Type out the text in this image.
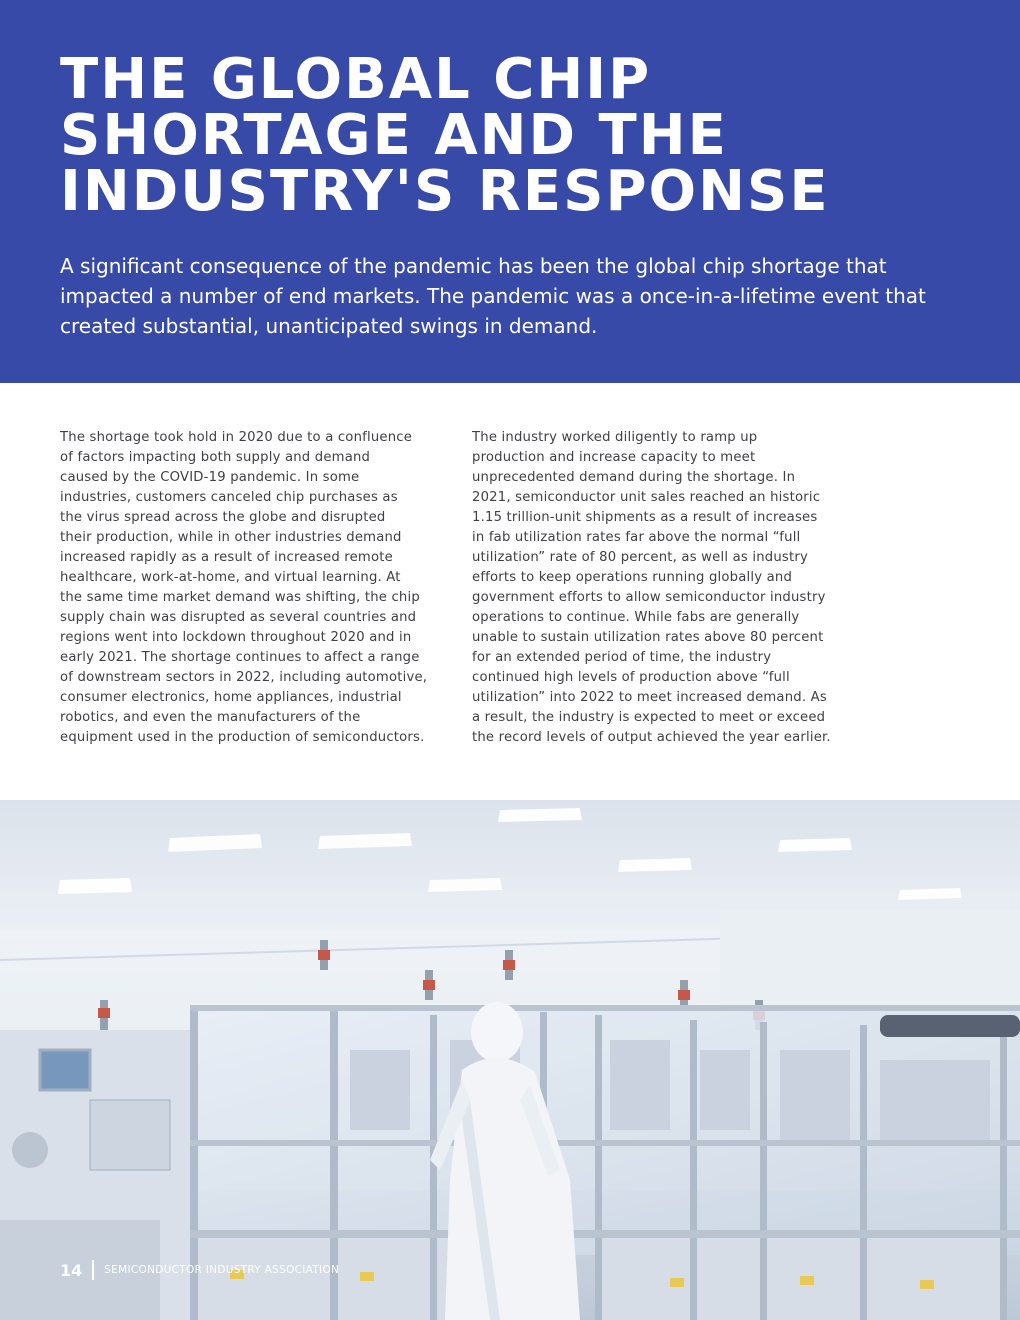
THE GLOBAL CHIP
SHORTAGE AND THE
INDUSTRY'S RESPONSE

A significant consequence of the pandemic has been the global chip shortage that
impacted a number of end markets. The pandemic was a once-in-a-lifetime event that
created substantial, unanticipated swings in demand.

The shortage took hold in 2020 due to a confluence
of factors impacting both supply and demand
caused by the COVID-19 pandemic. In some
industries, customers canceled chip purchases as
the virus spread across the globe and disrupted
their production, while in other industries demand
increased rapidly as a result of increased remote
healthcare, work-at-home, and virtual learning. At
the same time market demand was shifting, the chip
supply chain was disrupted as several countries and
regions went into lockdown throughout 2020 and in
early 2021. The shortage continues to affect a range
of downstream sectors in 2022, including automotive,
consumer electronics, home appliances, industrial
robotics, and even the manufacturers of the
equipment used in the production of semiconductors.
The industry worked diligently to ramp up
production and increase capacity to meet
unprecedented demand during the shortage. In
2021, semiconductor unit sales reached an historic
1.15 trillion-unit shipments as a result of increases
in fab utilization rates far above the normal “full
utilization” rate of 80 percent, as well as industry
efforts to keep operations running globally and
government efforts to allow semiconductor industry
operations to continue. While fabs are generally
unable to sustain utilization rates above 80 percent
for an extended period of time, the industry
continued high levels of production above “full
utilization” into 2022 to meet increased demand. As
a result, the industry is expected to meet or exceed
the record levels of output achieved the year earlier.
14 SEMICONDUCTOR INDUSTRY ASSOCIATION
